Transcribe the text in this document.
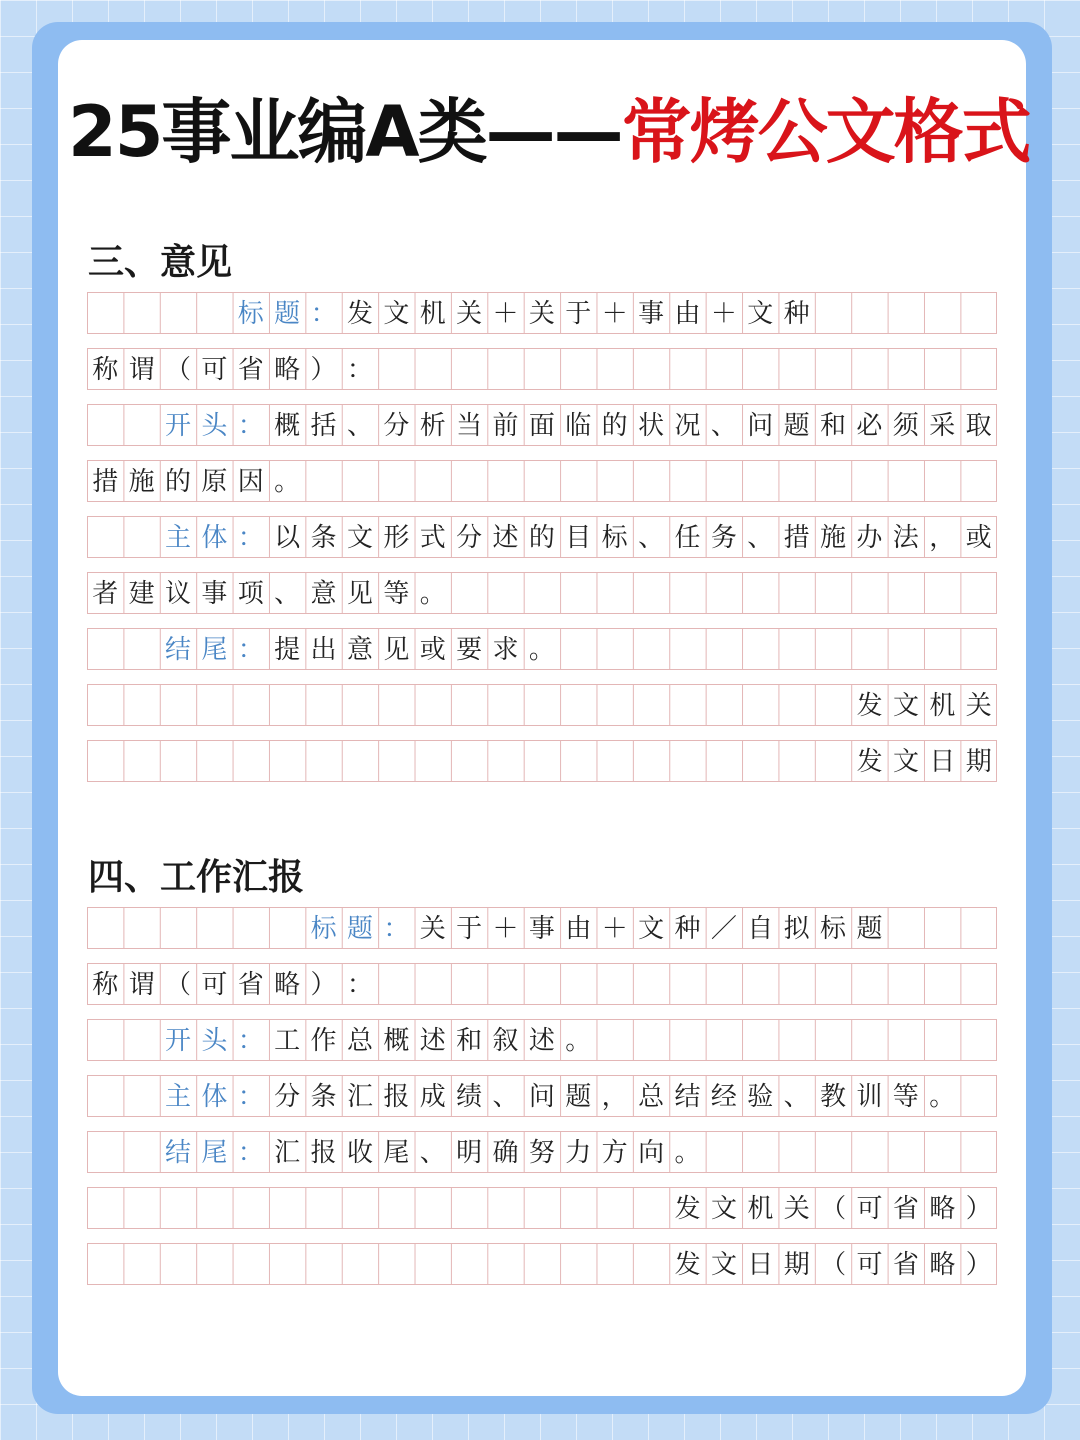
25事业编A类——常烤公文格式
三、意见
标 题 ： 发 文 机 关 ＋ 关 于 ＋ 事 由 ＋ 文 种
称 谓 （ 可 省 略 ） ：
开 头 ： 概 括 、 分 析 当 前 面 临 的 状 况 、 问 题 和 必 须 采 取
措 施 的 原 因 。
主 体 ： 以 条 文 形 式 分 述 的 目 标 、 任 务 、 措 施 办 法 ， 或
者 建 议 事 项 、 意 见 等 。
结 尾 ： 提 出 意 见 或 要 求 。
发 文 机 关
发 文 日 期
四、工作汇报
标 题 ： 关 于 ＋ 事 由 ＋ 文 种 ／ 自 拟 标 题
称 谓 （ 可 省 略 ） ：
开 头 ： 工 作 总 概 述 和 叙 述 。
主 体 ： 分 条 汇 报 成 绩 、 问 题 ， 总 结 经 验 、 教 训 等 。
结 尾 ： 汇 报 收 尾 、 明 确 努 力 方 向 。
发 文 机 关 （ 可 省 略 ）
发 文 日 期 （ 可 省 略 ）
